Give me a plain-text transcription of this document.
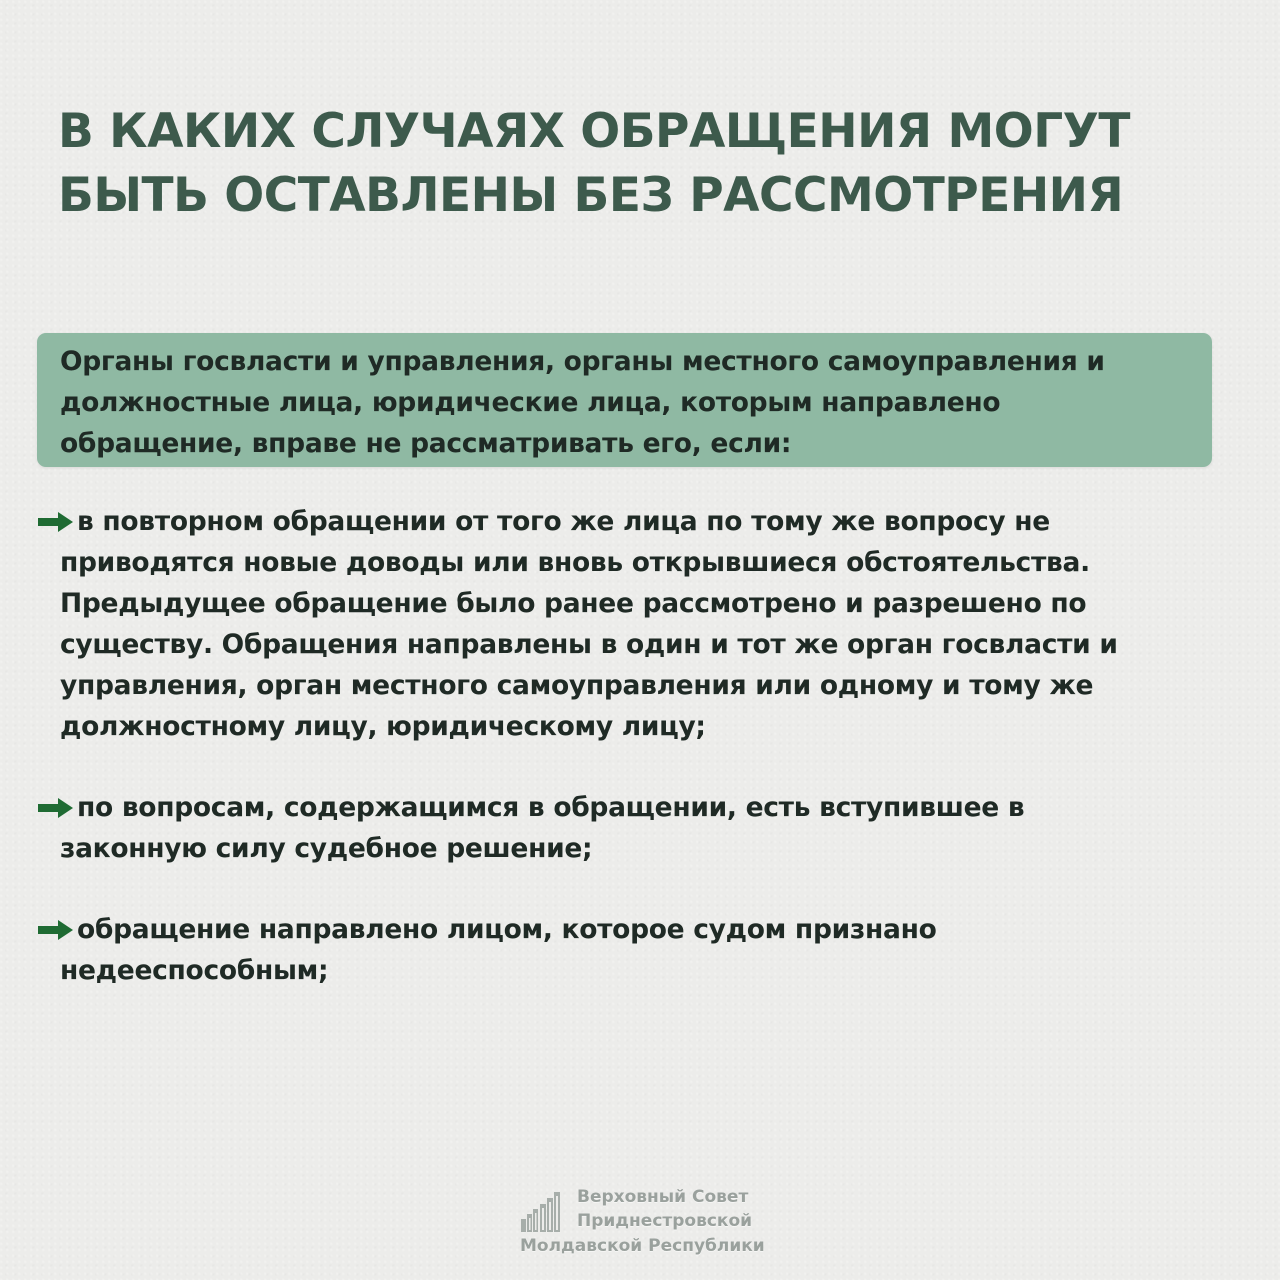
В КАКИХ СЛУЧАЯХ ОБРАЩЕНИЯ МОГУТ
БЫТЬ ОСТАВЛЕНЫ БЕЗ РАССМОТРЕНИЯ

Органы госвласти и управления, органы местного самоуправления и
должностные лица, юридические лица, которым направлено
обращение, вправе не рассматривать его, если:

в повторном обращении от того же лица по тому же вопросу не
приводятся новые доводы или вновь открывшиеся обстоятельства.
Предыдущее обращение было ранее рассмотрено и разрешено по
существу. Обращения направлены в один и тот же орган госвласти и
управления, орган местного самоуправления или одному и тому же
должностному лицу, юридическому лицу;
по вопросам, содержащимся в обращении, есть вступившее в
законную силу судебное решение;
обращение направлено лицом, которое судом признано
недееспособным;
Верховный Совет
Приднестровской
Молдавской Республики
